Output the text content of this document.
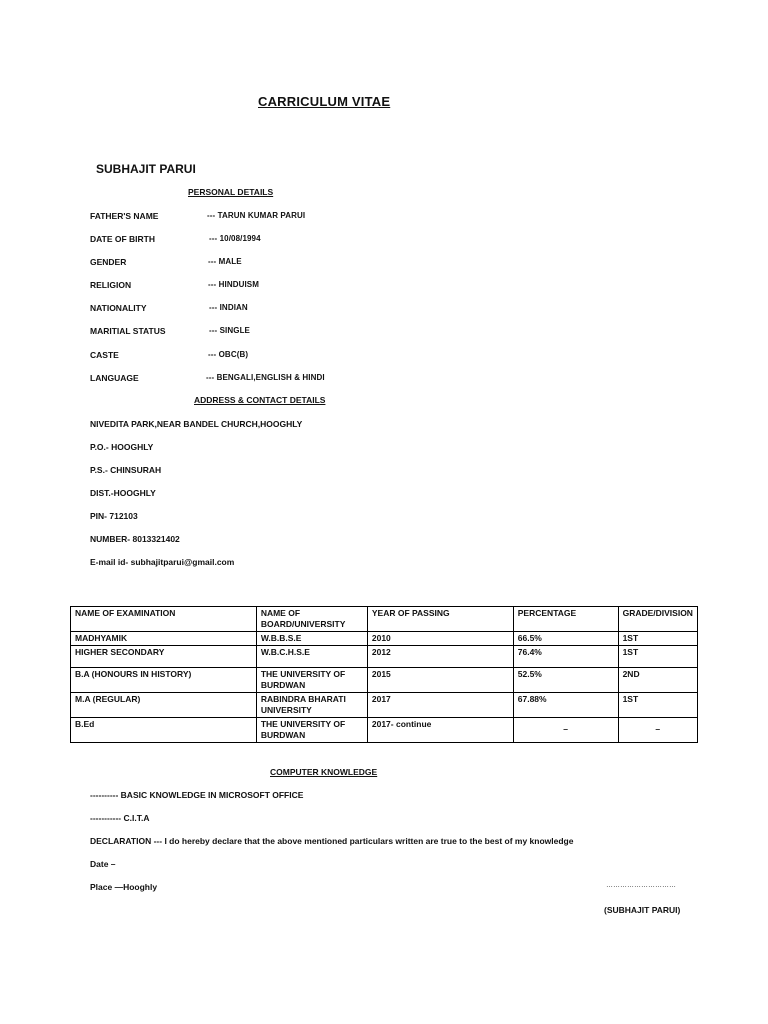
CARRICULUM VITAE
SUBHAJIT PARUI
PERSONAL DETAILS
FATHER'S NAME	--- TARUN KUMAR PARUI
DATE OF BIRTH	--- 10/08/1994
GENDER	--- MALE
RELIGION	--- HINDUISM
NATIONALITY	--- INDIAN
MARITIAL STATUS	--- SINGLE
CASTE	--- OBC(B)
LANGUAGE	--- BENGALI,ENGLISH & HINDI
ADDRESS & CONTACT DETAILS
NIVEDITA PARK,NEAR BANDEL CHURCH,HOOGHLY
P.O.- HOOGHLY
P.S.- CHINSURAH
DIST.-HOOGHLY
PIN- 712103
NUMBER- 8013321402
E-mail id- subhajitparui@gmail.com
NAME OF EXAMINATION	NAME OF BOARD/UNIVERSITY	YEAR OF PASSING	PERCENTAGE	GRADE/DIVISION
MADHYAMIK	W.B.B.S.E	2010	66.5%	1ST
HIGHER SECONDARY	W.B.C.H.S.E	2012	76.4%	1ST
B.A (HONOURS IN HISTORY)	THE UNIVERSITY OF BURDWAN	2015	52.5%	2ND
M.A (REGULAR)	RABINDRA BHARATI UNIVERSITY	2017	67.88%	1ST
B.Ed	THE UNIVERSITY OF BURDWAN	2017- continue	–	–
COMPUTER KNOWLEDGE
---------- BASIC KNOWLEDGE IN MICROSOFT OFFICE
----------- C.I.T.A
DECLARATION --- I do hereby declare that the above mentioned particulars written are true to the best of my knowledge
Date –
Place —Hooghly	…………………………
(SUBHAJIT PARUI)
